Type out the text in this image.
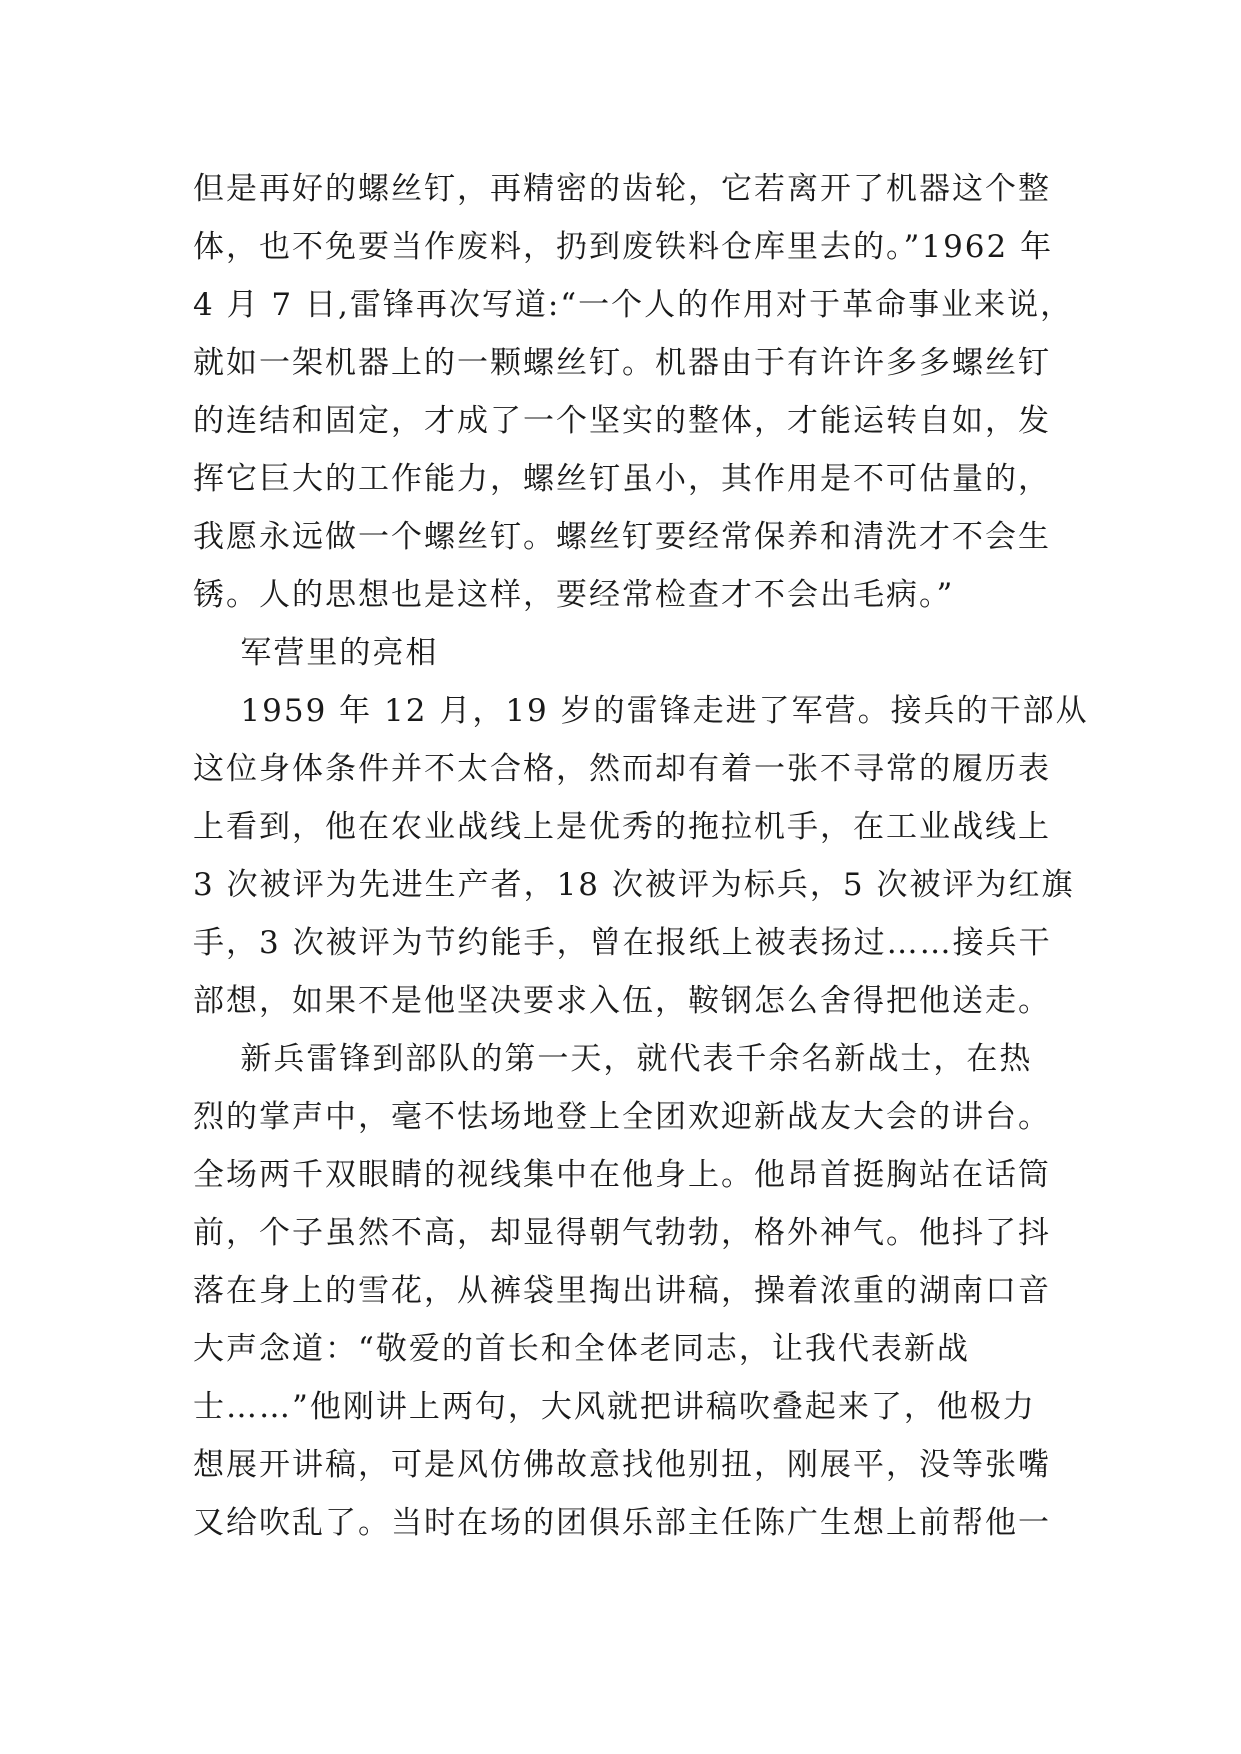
但是再好的螺丝钉，再精密的齿轮，它若离开了机器这个整
体，也不免要当作废料，扔到废铁料仓库里去的。”1962 年
4 月 7 日,雷锋再次写道:“一个人的作用对于革命事业来说，
就如一架机器上的一颗螺丝钉。机器由于有许许多多螺丝钉
的连结和固定，才成了一个坚实的整体，才能运转自如，发
挥它巨大的工作能力，螺丝钉虽小，其作用是不可估量的，
我愿永远做一个螺丝钉。螺丝钉要经常保养和清洗才不会生
锈。人的思想也是这样，要经常检查才不会出毛病。”
军营里的亮相
1959 年 12 月，19 岁的雷锋走进了军营。接兵的干部从
这位身体条件并不太合格，然而却有着一张不寻常的履历表
上看到，他在农业战线上是优秀的拖拉机手，在工业战线上
3 次被评为先进生产者，18 次被评为标兵，5 次被评为红旗
手，3 次被评为节约能手，曾在报纸上被表扬过……接兵干
部想，如果不是他坚决要求入伍，鞍钢怎么舍得把他送走。
新兵雷锋到部队的第一天，就代表千余名新战士，在热
烈的掌声中，毫不怯场地登上全团欢迎新战友大会的讲台。
全场两千双眼睛的视线集中在他身上。他昂首挺胸站在话筒
前，个子虽然不高，却显得朝气勃勃，格外神气。他抖了抖
落在身上的雪花，从裤袋里掏出讲稿，操着浓重的湖南口音
大声念道：“敬爱的首长和全体老同志，让我代表新战
士……”他刚讲上两句，大风就把讲稿吹叠起来了，他极力
想展开讲稿，可是风仿佛故意找他别扭，刚展平，没等张嘴
又给吹乱了。当时在场的团俱乐部主任陈广生想上前帮他一
